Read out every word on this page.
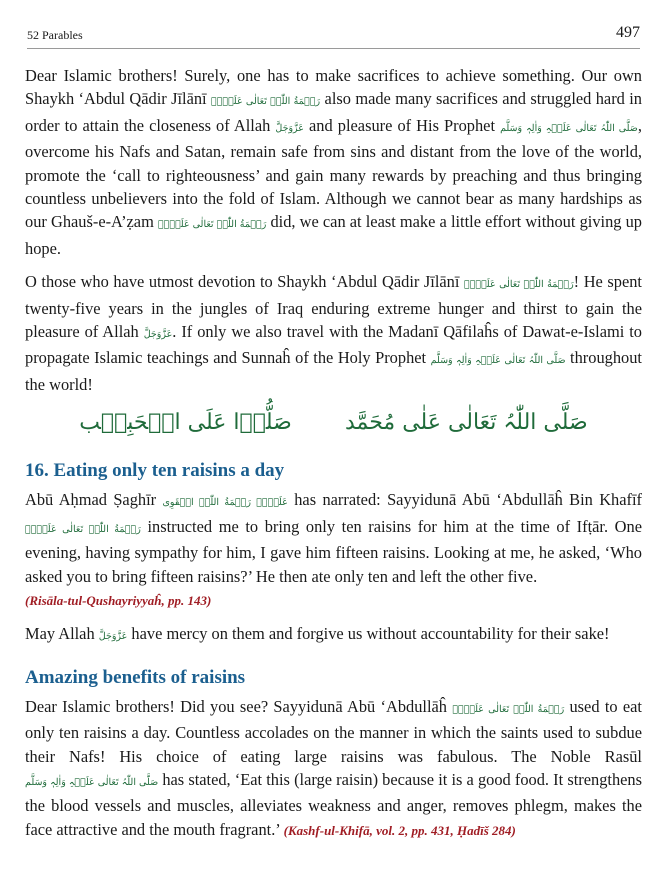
52 Parables	497

Dear Islamic brothers! Surely, one has to make sacrifices to achieve something. Our own Shaykh ‘Abdul Qādir Jīlānī رَحۡمَةُ اللّٰہِ تَعَالٰی عَلَیۡہِ also made many sacrifices and struggled hard in order to attain the closeness of Allah عَزَّوَجَلَّ and pleasure of His Prophet صَلَّی اللّٰہُ تَعَالٰی عَلَیۡہِ وَاٰلِہٖ وَسَلَّم, overcome his Nafs and Satan, remain safe from sins and distant from the love of the world, promote the ‘call to righteousness’ and gain many rewards by preaching and thus bringing countless unbelievers into the fold of Islam. Although we cannot bear as many hardships as our Ghauš-e-A’ẓam رَحۡمَةُ اللّٰہِ تَعَالٰی عَلَیۡہِ did, we can at least make a little effort without giving up hope.

O those who have utmost devotion to Shaykh ‘Abdul Qādir Jīlānī رَحۡمَةُ اللّٰہِ تَعَالٰی عَلَیۡہِ! He spent twenty-five years in the jungles of Iraq enduring extreme hunger and thirst to gain the pleasure of Allah عَزَّوَجَلَّ. If only we also travel with the Madanī Qāfilaĥs of Dawat-e-Islami to propagate Islamic teachings and Sunnaĥ of the Holy Prophet صَلَّی اللّٰہُ تَعَالٰی عَلَیۡہِ وَاٰلِہٖ وَسَلَّم throughout the world!

صَلُّوۡا عَلَی الۡحَبِیۡب صَلَّی اللّٰہُ تَعَالٰی عَلٰی مُحَمَّد
16. Eating only ten raisins a day

Abū Aḥmad Ṣaghīr عَلَیۡہِ رَحۡمَةُ اللّٰہِ الۡقَوِی has narrated: Sayyidunā Abū ‘Abdullāĥ Bin Khafīf رَحۡمَةُ اللّٰہِ تَعَالٰی عَلَیۡہِ instructed me to bring only ten raisins for him at the time of Ifṭār. One evening, having sympathy for him, I gave him fifteen raisins. Looking at me, he asked, ‘Who asked you to bring fifteen raisins?’ He then ate only ten and left the other five.

(Risāla-tul-Qushayriyyaĥ, pp. 143)

May Allah عَزَّوَجَلَّ have mercy on them and forgive us without accountability for their sake!

Amazing benefits of raisins

Dear Islamic brothers! Did you see? Sayyidunā Abū ‘Abdullāĥ رَحۡمَةُ اللّٰہِ تَعَالٰی عَلَیۡہِ used to eat only ten raisins a day. Countless accolades on the manner in which the saints used to subdue their Nafs! His choice of eating large raisins was fabulous. The Noble Rasūl صَلَّی اللّٰہُ تَعَالٰی عَلَیۡہِ وَاٰلِہٖ وَسَلَّم has stated, ‘Eat this (large raisin) because it is a good food. It strengthens the blood vessels and muscles, alleviates weakness and anger, removes phlegm, makes the face attractive and the mouth fragrant.’ (Kashf-ul-Khifā, vol. 2, pp. 431, Ḥadīš 284)
